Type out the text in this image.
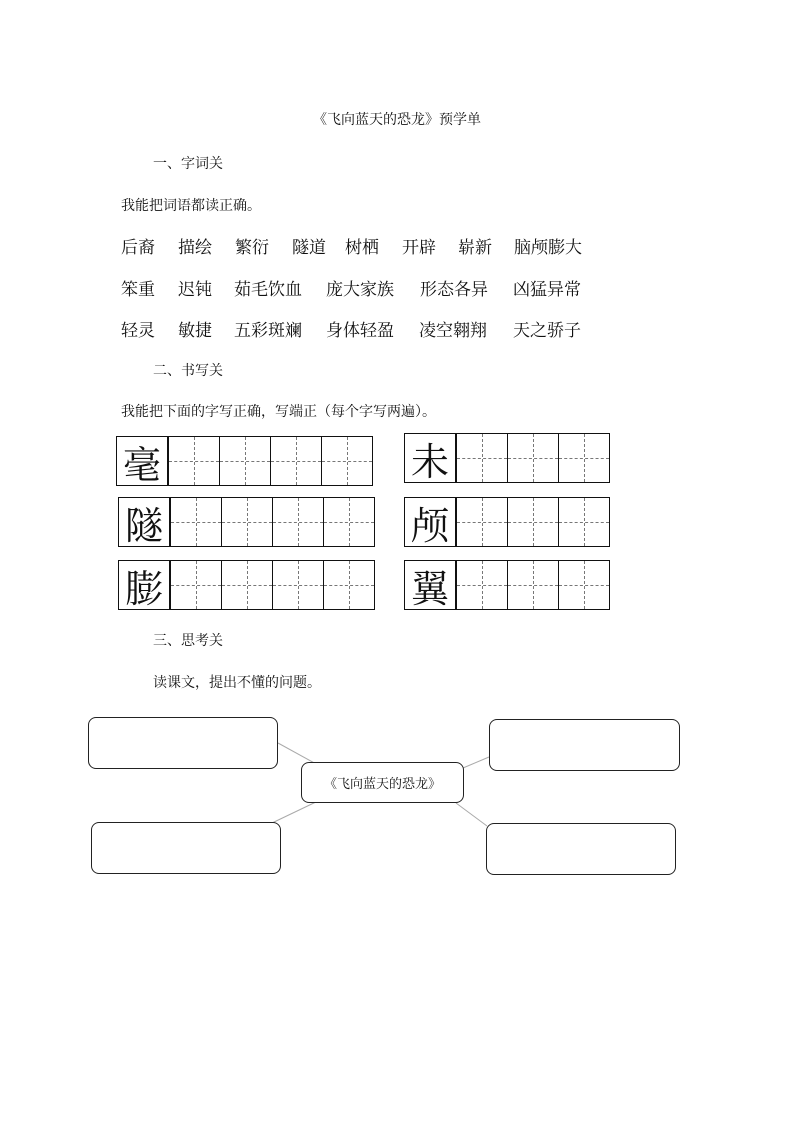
《飞向蓝天的恐龙》预学单
一、字词关
我能把词语都读正确。
后裔 描绘 繁衍 隧道 树栖 开辟 崭新 脑颅膨大
笨重 迟钝 茹毛饮血 庞大家族 形态各异 凶猛异常
轻灵 敏捷 五彩斑斓 身体轻盈 凌空翱翔 天之骄子
二、书写关
我能把下面的字写正确，写端正（每个字写两遍）。
毫
隧
膨
未
颅
翼
三、思考关
读课文，提出不懂的问题。
《飞向蓝天的恐龙》
